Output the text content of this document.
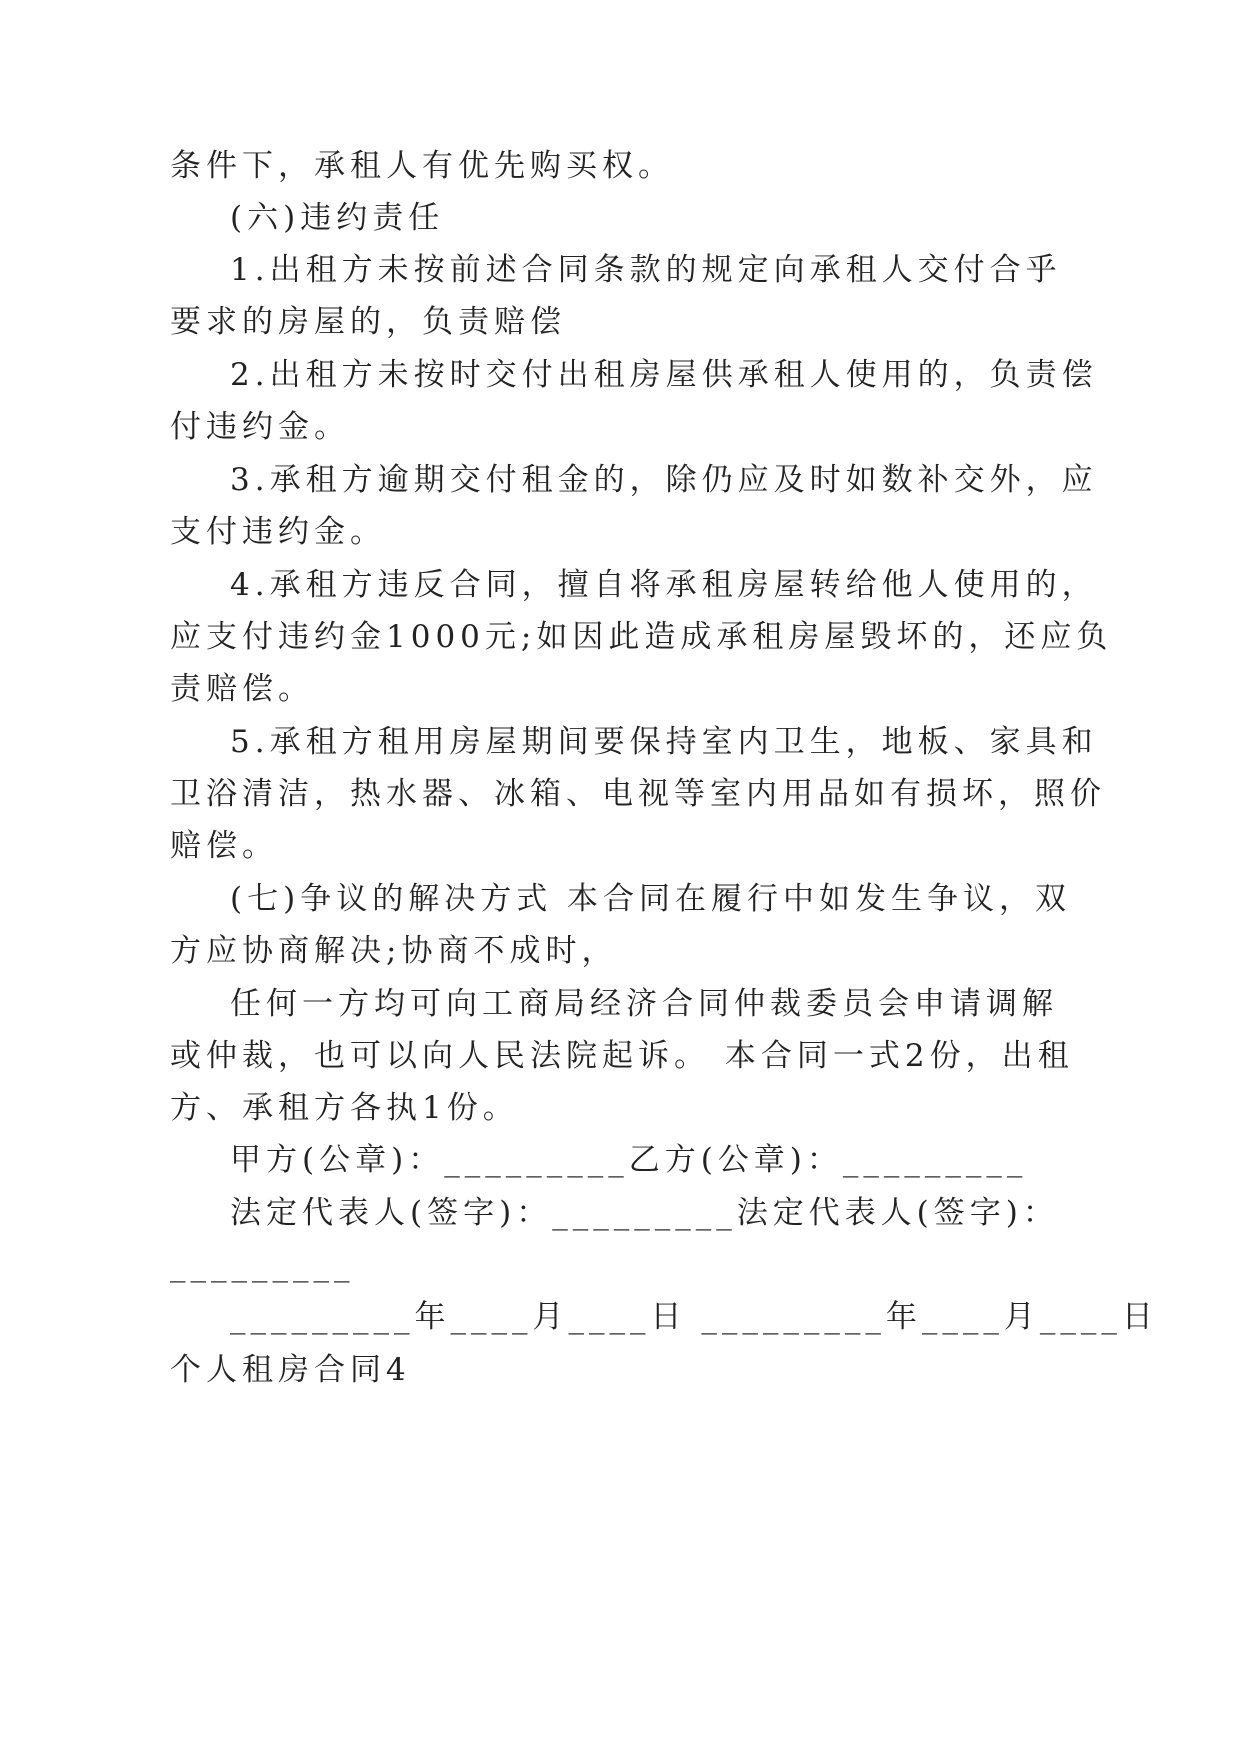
条件下，承租人有优先购买权。
(六)违约责任
1.出租方未按前述合同条款的规定向承租人交付合乎
要求的房屋的，负责赔偿
2.出租方未按时交付出租房屋供承租人使用的，负责偿
付违约金。
3.承租方逾期交付租金的，除仍应及时如数补交外，应
支付违约金。
4.承租方违反合同，擅自将承租房屋转给他人使用的，
应支付违约金1000元;如因此造成承租房屋毁坏的，还应负
责赔偿。
5.承租方租用房屋期间要保持室内卫生，地板、家具和
卫浴清洁，热水器、冰箱、电视等室内用品如有损坏，照价
赔偿。
(七)争议的解决方式 本合同在履行中如发生争议，双
方应协商解决;协商不成时，
任何一方均可向工商局经济合同仲裁委员会申请调解
或仲裁，也可以向人民法院起诉。 本合同一式2份，出租
方、承租方各执1份。
甲方(公章)：_________乙方(公章)：_________
法定代表人(签字)：_________法定代表人(签字)：
_________
_________年____月____日 _________年____月____日
个人租房合同4
